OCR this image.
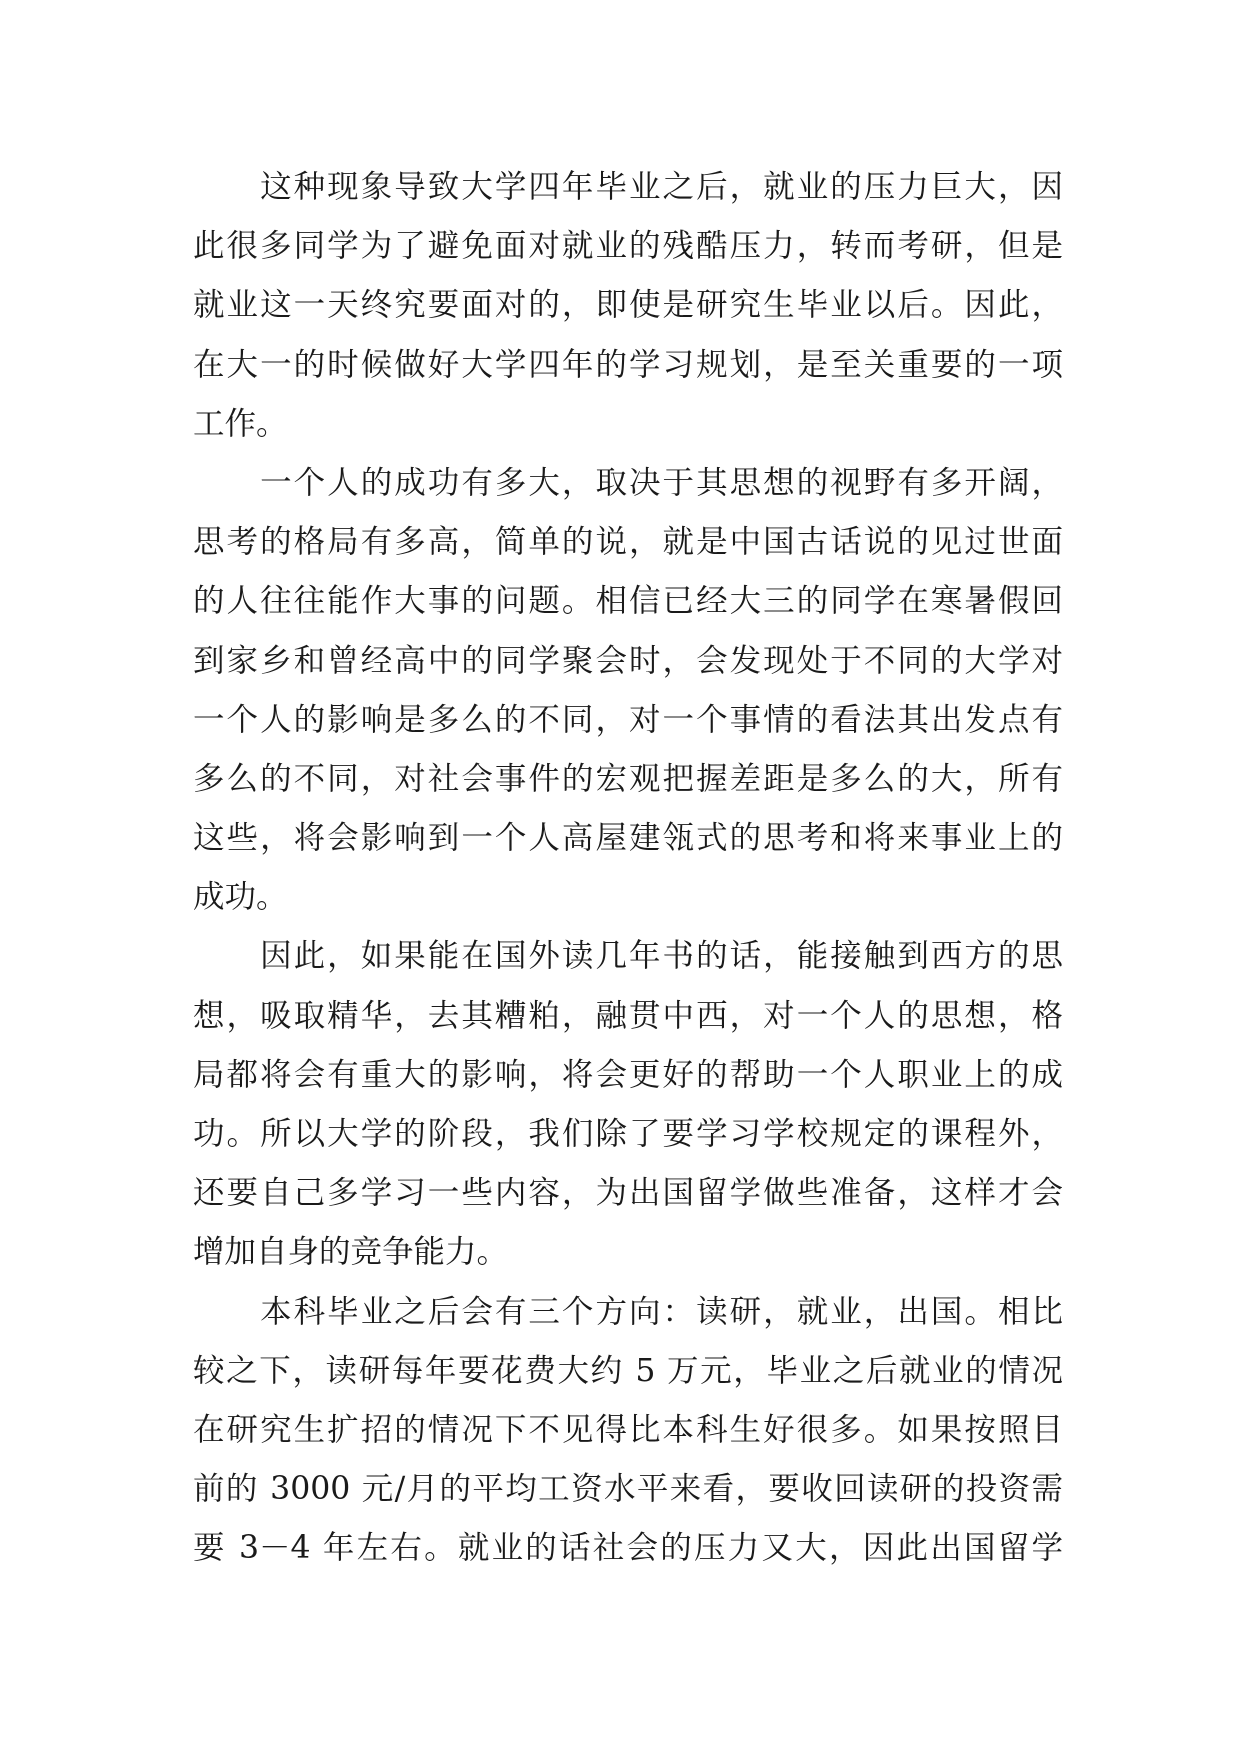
　　这种现象导致大学四年毕业之后，就业的压力巨大，因
此很多同学为了避免面对就业的残酷压力，转而考研，但是
就业这一天终究要面对的，即使是研究生毕业以后。因此，
在大一的时候做好大学四年的学习规划，是至关重要的一项
工作。

　　一个人的成功有多大，取决于其思想的视野有多开阔，
思考的格局有多高，简单的说，就是中国古话说的见过世面
的人往往能作大事的问题。相信已经大三的同学在寒暑假回
到家乡和曾经高中的同学聚会时，会发现处于不同的大学对
一个人的影响是多么的不同，对一个事情的看法其出发点有
多么的不同，对社会事件的宏观把握差距是多么的大，所有
这些，将会影响到一个人高屋建瓴式的思考和将来事业上的
成功。

　　因此，如果能在国外读几年书的话，能接触到西方的思
想，吸取精华，去其糟粕，融贯中西，对一个人的思想，格
局都将会有重大的影响，将会更好的帮助一个人职业上的成
功。所以大学的阶段，我们除了要学习学校规定的课程外，
还要自己多学习一些内容，为出国留学做些准备，这样才会
增加自身的竞争能力。

　　本科毕业之后会有三个方向：读研，就业，出国。相比
较之下，读研每年要花费大约 5 万元，毕业之后就业的情况
在研究生扩招的情况下不见得比本科生好很多。如果按照目
前的 3000 元/月的平均工资水平来看，要收回读研的投资需
要 3－4 年左右。就业的话社会的压力又大，因此出国留学
